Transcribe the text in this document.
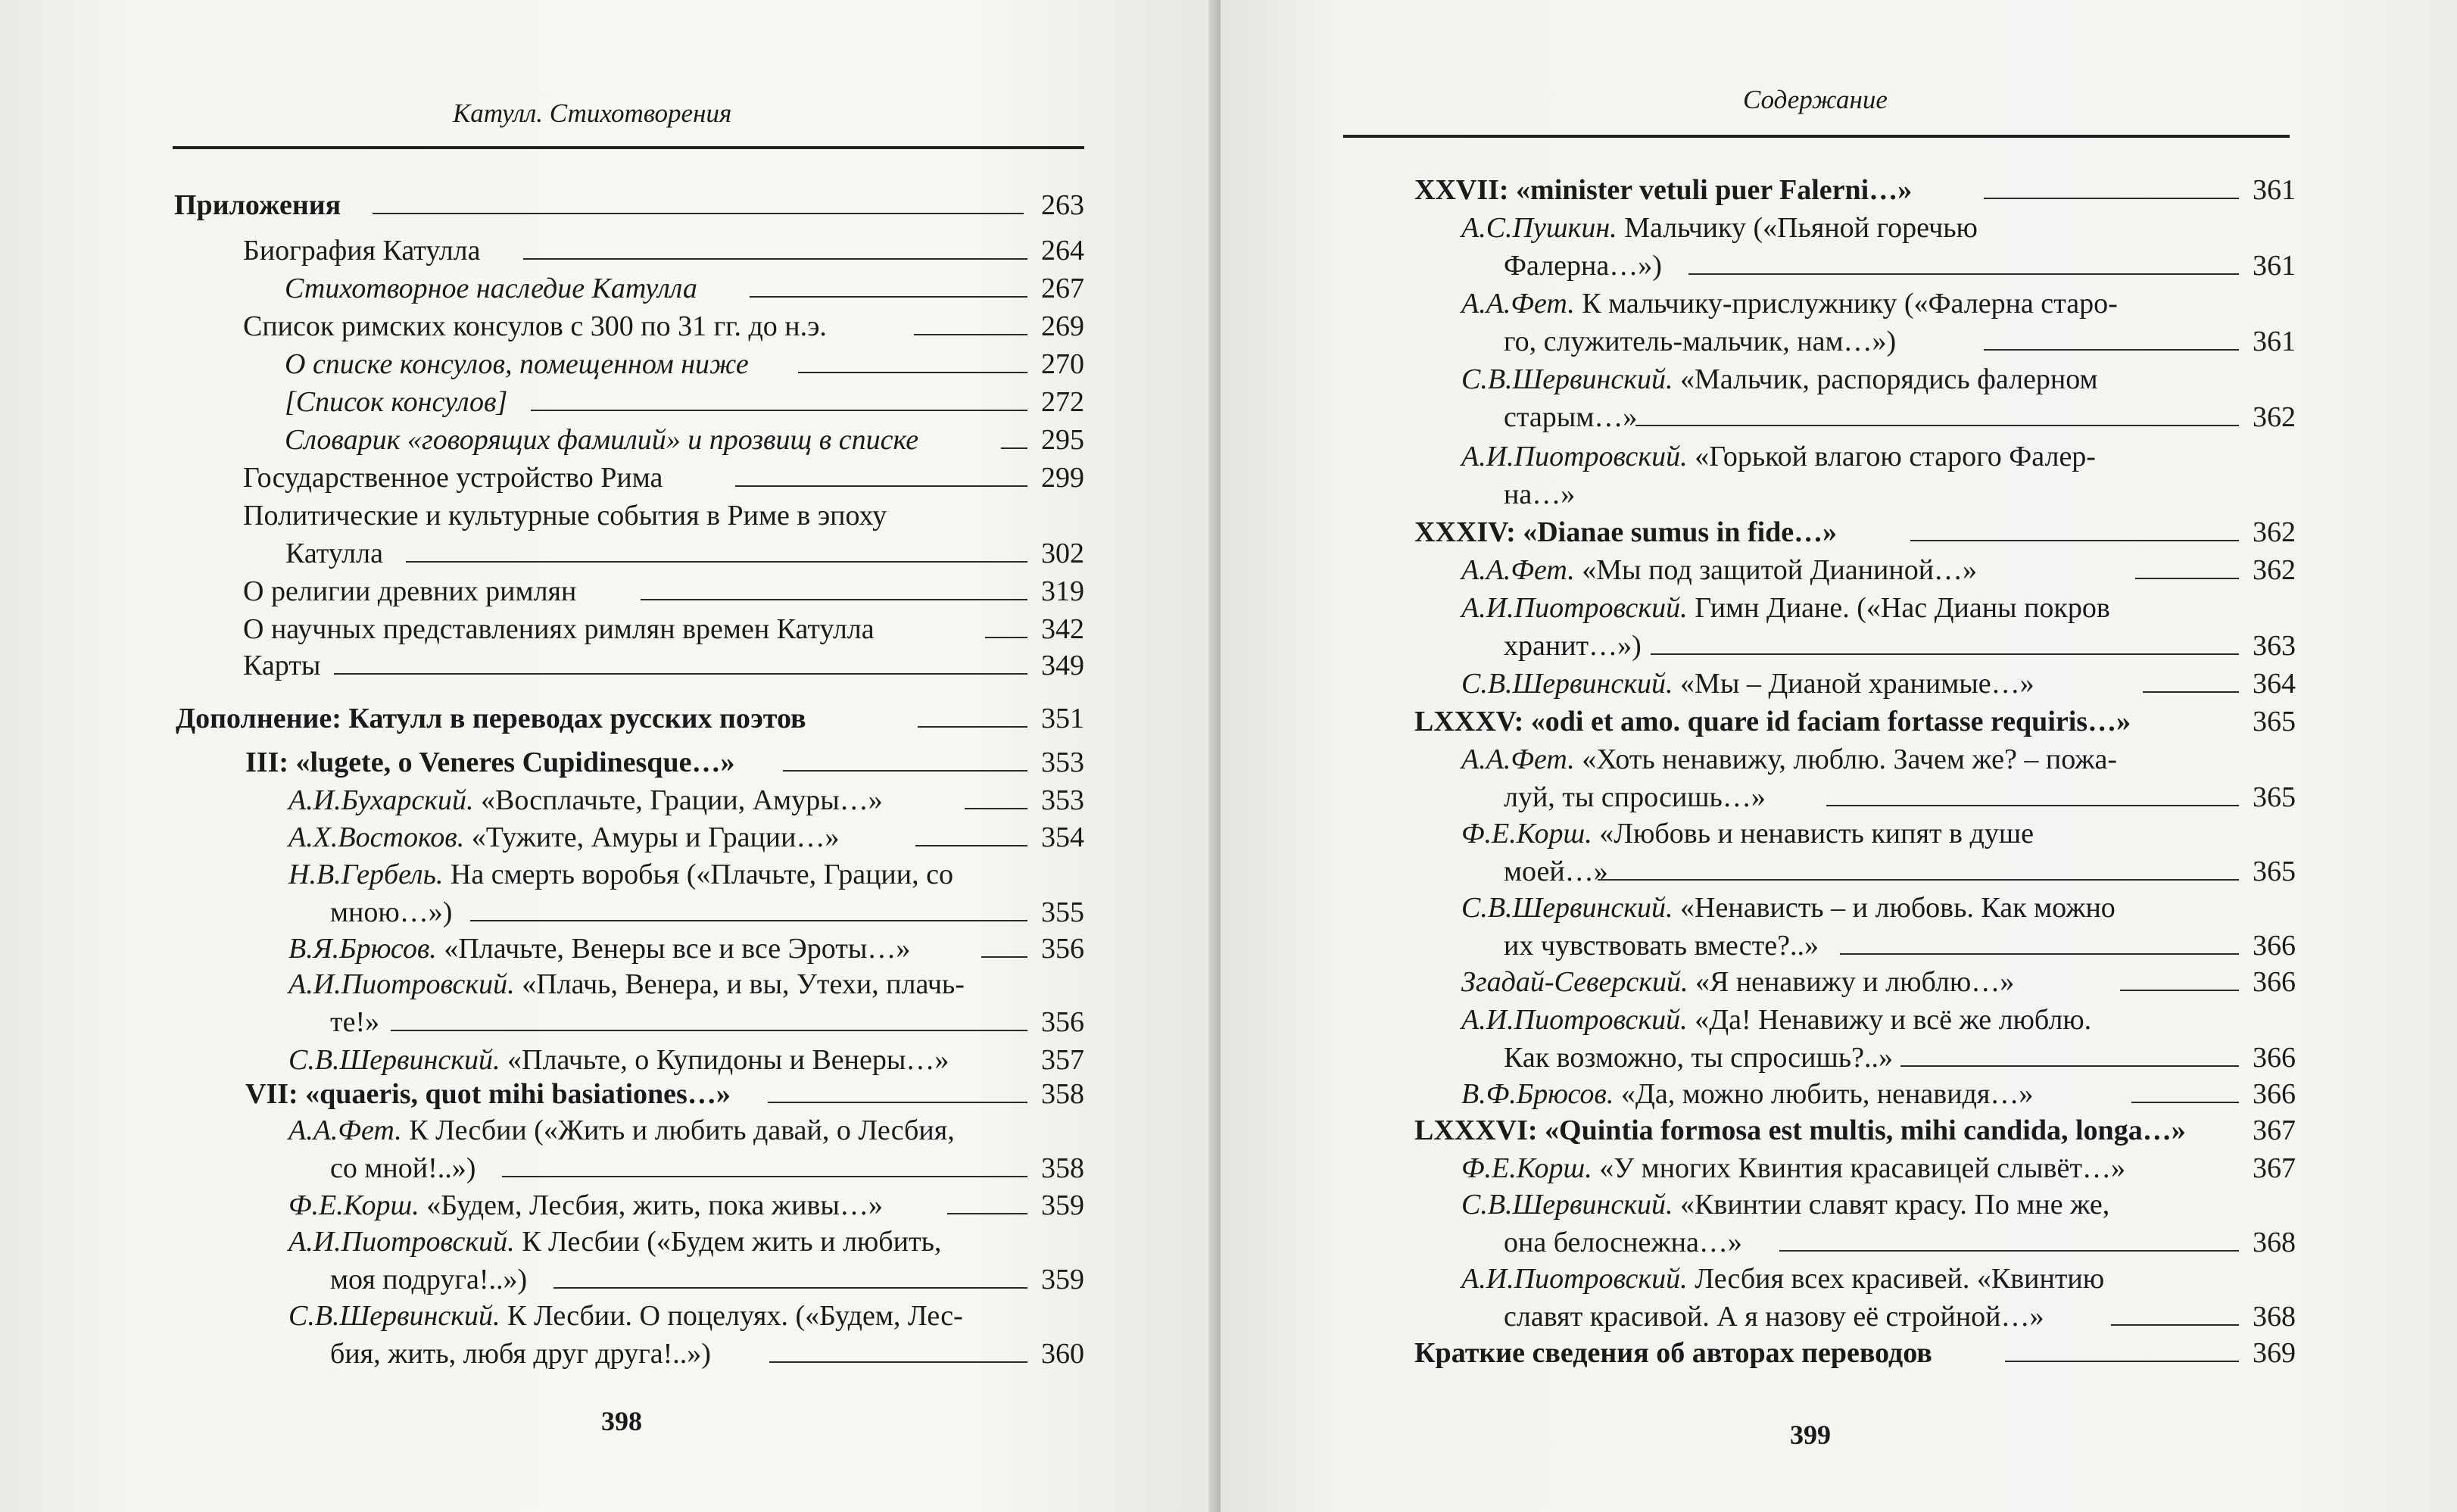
Катулл. Стихотворения
Приложения	263
Биография Катулла	264
Стихотворное наследие Катулла	267
Список римских консулов с 300 по 31 гг. до н.э.	269
О списке консулов, помещенном ниже	270
[Список консулов]	272
Словарик «говорящих фамилий» и прозвищ в списке	295
Государственное устройство Рима	299
Политические и культурные события в Риме в эпоху
Катулла	302
О религии древних римлян	319
О научных представлениях римлян времен Катулла	342
Карты	349
Дополнение: Катулл в переводах русских поэтов	351
III: «lugete, o Veneres Cupidinesque…»	353
А.И.Бухарский. «Восплачьте, Грации, Амуры…»	353
А.Х.Востоков. «Тужите, Амуры и Грации…»	354
Н.В.Гербель. На смерть воробья («Плачьте, Грации, со
мною…»)	355
В.Я.Брюсов. «Плачьте, Венеры все и все Эроты…»	356
А.И.Пиотровский. «Плачь, Венера, и вы, Утехи, плачь-
те!»	356
С.В.Шервинский. «Плачьте, о Купидоны и Венеры…»	357
VII: «quaeris, quot mihi basiationes…»	358
А.А.Фет. К Лесбии («Жить и любить давай, о Лесбия,
со мной!..»)	358
Ф.Е.Корш. «Будем, Лесбия, жить, пока живы…»	359
А.И.Пиотровский. К Лесбии («Будем жить и любить,
моя подруга!..»)	359
С.В.Шервинский. К Лесбии. О поцелуях. («Будем, Лес-
бия, жить, любя друг друга!..»)	360
398
Содержание
XXVII: «minister vetuli puer Falerni…»	361
А.С.Пушкин. Мальчику («Пьяной горечью
Фалерна…»)	361
А.А.Фет. К мальчику-прислужнику («Фалерна старо-
го, служитель-мальчик, нам…»)	361
С.В.Шервинский. «Мальчик, распорядись фалерном
старым…»	362
А.И.Пиотровский. «Горькой влагою старого Фалер-
на…»
XXXIV: «Dianae sumus in fide…»	362
А.А.Фет. «Мы под защитой Дианиной…»	362
А.И.Пиотровский. Гимн Диане. («Нас Дианы покров
хранит…»)	363
С.В.Шервинский. «Мы – Дианой хранимые…»	364
LXXXV: «odi et amo. quare id faciam fortasse requiris…»	365
А.А.Фет. «Хоть ненавижу, люблю. Зачем же? – пожа-
луй, ты спросишь…»	365
Ф.Е.Корш. «Любовь и ненависть кипят в душе
моей…»	365
С.В.Шервинский. «Ненависть – и любовь. Как можно
их чувствовать вместе?..»	366
Згадай-Северский. «Я ненавижу и люблю…»	366
А.И.Пиотровский. «Да! Ненавижу и всё же люблю.
Как возможно, ты спросишь?..»	366
В.Ф.Брюсов. «Да, можно любить, ненавидя…»	366
LXXXVI: «Quintia formosa est multis, mihi candida, longa…» 367
Ф.Е.Корш. «У многих Квинтия красавицей слывёт…»	367
С.В.Шервинский. «Квинтии славят красу. По мне же,
она белоснежна…»	368
А.И.Пиотровский. Лесбия всех красивей. «Квинтию
славят красивой. А я назову её стройной…»	368
Краткие сведения об авторах переводов	369
399
